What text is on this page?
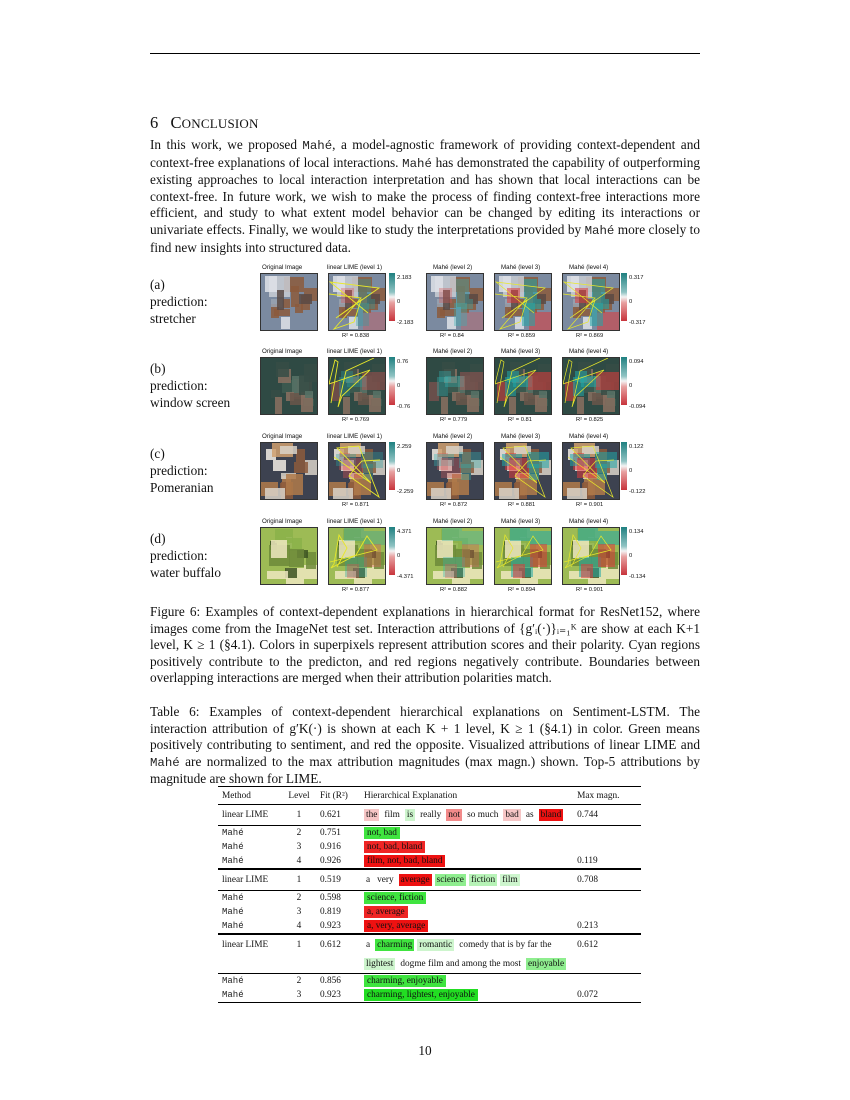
6 CONCLUSION
In this work, we proposed Mahé, a model-agnostic framework of providing context-dependent and context-free explanations of local interactions. Mahé has demonstrated the capability of outperforming existing approaches to local interaction interpretation and has shown that local interactions can be context-free. In future work, we wish to make the process of finding context-free interactions more efficient, and study to what extent model behavior can be changed by editing its interactions or univariate effects. Finally, we would like to study the interpretations provided by Mahé more closely to find new insights into structured data.
(a)
prediction:
stretcher
Original Image	linear LIME (level 1)	Mahé (level 2)	Mahé (level 3)	Mahé (level 4)
R² = 0.838	R² = 0.84	R² = 0.859	R² = 0.869
2.183
0
-2.183
0.317
0
-0.317
(b)
prediction:
window screen
Original Image	linear LIME (level 1)	Mahé (level 2)	Mahé (level 3)	Mahé (level 4)
R² = 0.769	R² = 0.779	R² = 0.81	R² = 0.825
0.76
0
-0.76
0.094
0
-0.094
(c)
prediction:
Pomeranian
Original Image	linear LIME (level 1)	Mahé (level 2)	Mahé (level 3)	Mahé (level 4)
R² = 0.871	R² = 0.872	R² = 0.881	R² = 0.901
2.259
0
-2.259
0.122
0
-0.122
(d)
prediction:
water buffalo
Original Image	linear LIME (level 1)	Mahé (level 2)	Mahé (level 3)	Mahé (level 4)
R² = 0.877	R² = 0.882	R² = 0.894	R² = 0.901
4.371
0
-4.371
0.134
0
-0.134
Figure 6: Examples of context-dependent explanations in hierarchical format for ResNet152, where images come from the ImageNet test set. Interaction attributions of {g′ᵢ(·)}ᵢ₌₁ᴷ are show at each K+1 level, K ≥ 1 (§4.1). Colors in superpixels represent attribution scores and their polarity. Cyan regions positively contribute to the predicton, and red regions negatively contribute. Boundaries between overlapping interactions are merged when their attribution polarities match.
Table 6: Examples of context-dependent hierarchical explanations on Sentiment-LSTM. The interaction attribution of g′K(·) is shown at each K + 1 level, K ≥ 1 (§4.1) in color. Green means positively contributing to sentiment, and red the opposite. Visualized attributions of linear LIME and Mahé are normalized to the max attribution magnitudes (max magn.) shown. Top-5 attributions by magnitude are shown for LIME.
Method	Level	Fit (R²)	Hierarchical Explanation	Max magn.
linear LIME	1	0.621	the film is really not so much bad as bland	0.744
Mahé	2	0.751	not, bad	
Mahé	3	0.916	not, bad, bland	
Mahé	4	0.926	film, not, bad, bland	0.119
linear LIME	1	0.519	a very average science fiction film	0.708
Mahé	2	0.598	science, fiction	
Mahé	3	0.819	a, average	
Mahé	4	0.923	a, very, average	0.213
linear LIME	1	0.612	a charming romantic comedy that is by far the	0.612
			lightest dogme film and among the most enjoyable	
Mahé	2	0.856	charming, enjoyable	
Mahé	3	0.923	charming, lightest, enjoyable	0.072
10
